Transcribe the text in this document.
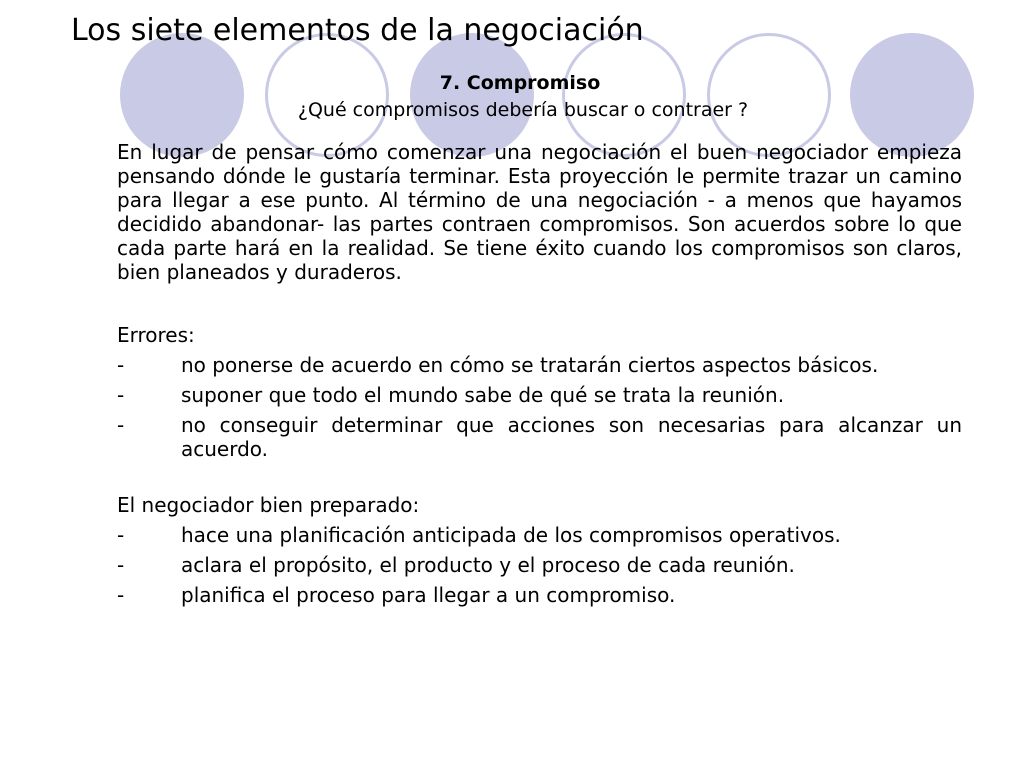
Los siete elementos de la negociación
7. Compromiso
¿Qué compromisos debería buscar o contraer ?

En lugar de pensar cómo comenzar una negociación el buen negociador empieza pensando dónde le gustaría terminar. Esta proyección le permite trazar un camino para llegar a ese punto. Al término de una negociación - a menos que hayamos decidido abandonar- las partes contraen compromisos. Son acuerdos sobre lo que cada parte hará en la realidad. Se tiene éxito cuando los compromisos son claros, bien planeados y duraderos.

Errores:

-	no ponerse de acuerdo en cómo se tratarán ciertos aspectos básicos.
-	suponer que todo el mundo sabe de qué se trata la reunión.
-	no conseguir determinar que acciones son necesarias para alcanzar un acuerdo.

El negociador bien preparado:

-	hace una planificación anticipada de los compromisos operativos.
-	aclara el propósito, el producto y el proceso de cada reunión.
-	planifica el proceso para llegar a un compromiso.
